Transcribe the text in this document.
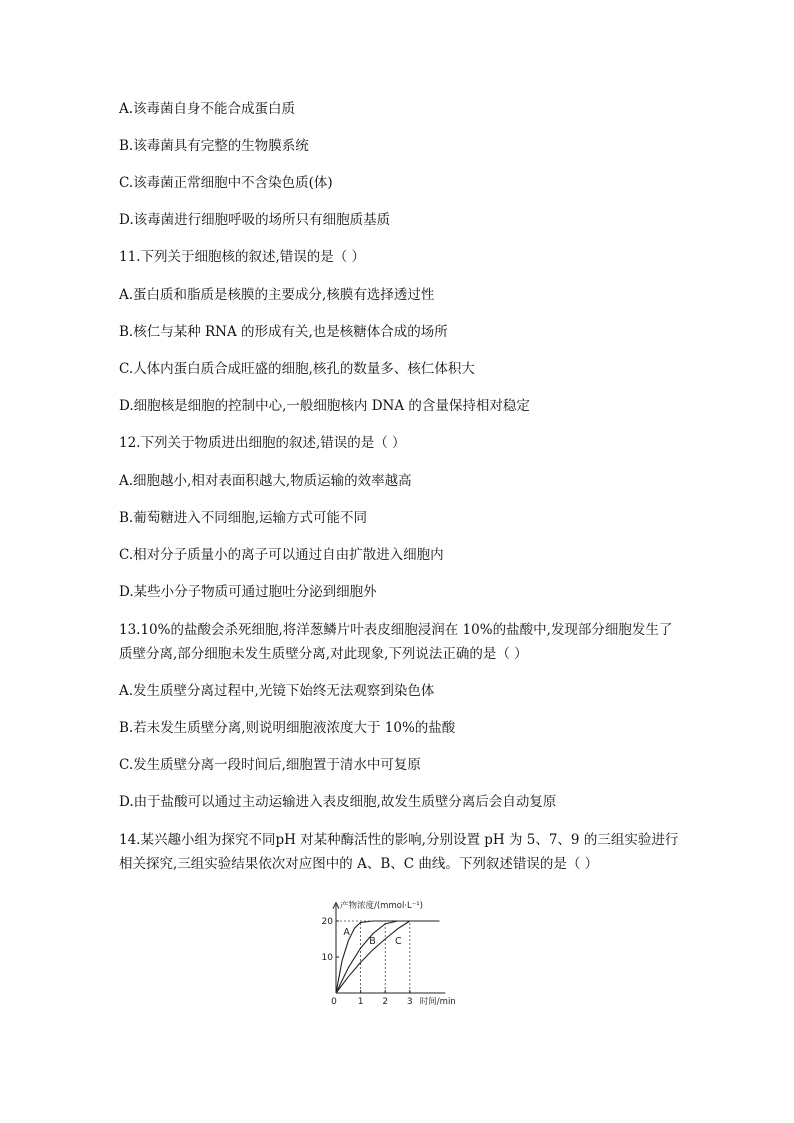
A.该毒菌自身不能合成蛋白质
B.该毒菌具有完整的生物膜系统
C.该毒菌正常细胞中不含染色质(体)
D.该毒菌进行细胞呼吸的场所只有细胞质基质
11.下列关于细胞核的叙述,错误的是（ ）
A.蛋白质和脂质是核膜的主要成分,核膜有选择透过性
B.核仁与某种 RNA 的形成有关,也是核糖体合成的场所
C.人体内蛋白质合成旺盛的细胞,核孔的数量多、核仁体积大
D.细胞核是细胞的控制中心,一般细胞核内 DNA 的含量保持相对稳定
12.下列关于物质进出细胞的叙述,错误的是（ ）
A.细胞越小,相对表面积越大,物质运输的效率越高
B.葡萄糖进入不同细胞,运输方式可能不同
C.相对分子质量小的离子可以通过自由扩散进入细胞内
D.某些小分子物质可通过胞吐分泌到细胞外
13.10%的盐酸会杀死细胞,将洋葱鳞片叶表皮细胞浸润在 10%的盐酸中,发现部分细胞发生了质壁分离,部分细胞未发生质壁分离,对此现象,下列说法正确的是（ ）
A.发生质壁分离过程中,光镜下始终无法观察到染色体
B.若未发生质壁分离,则说明细胞液浓度大于 10%的盐酸
C.发生质壁分离一段时间后,细胞置于清水中可复原
D.由于盐酸可以通过主动运输进入表皮细胞,故发生质壁分离后会自动复原
14.某兴趣小组为探究不同pH 对某种酶活性的影响,分别设置 pH 为 5、7、9 的三组实验进行相关探究,三组实验结果依次对应图中的 A、B、C 曲线。下列叙述错误的是（ ）
0 1 2 3
10
20
产物浓度/(mmol·L⁻¹)
时间/min
A
B C
